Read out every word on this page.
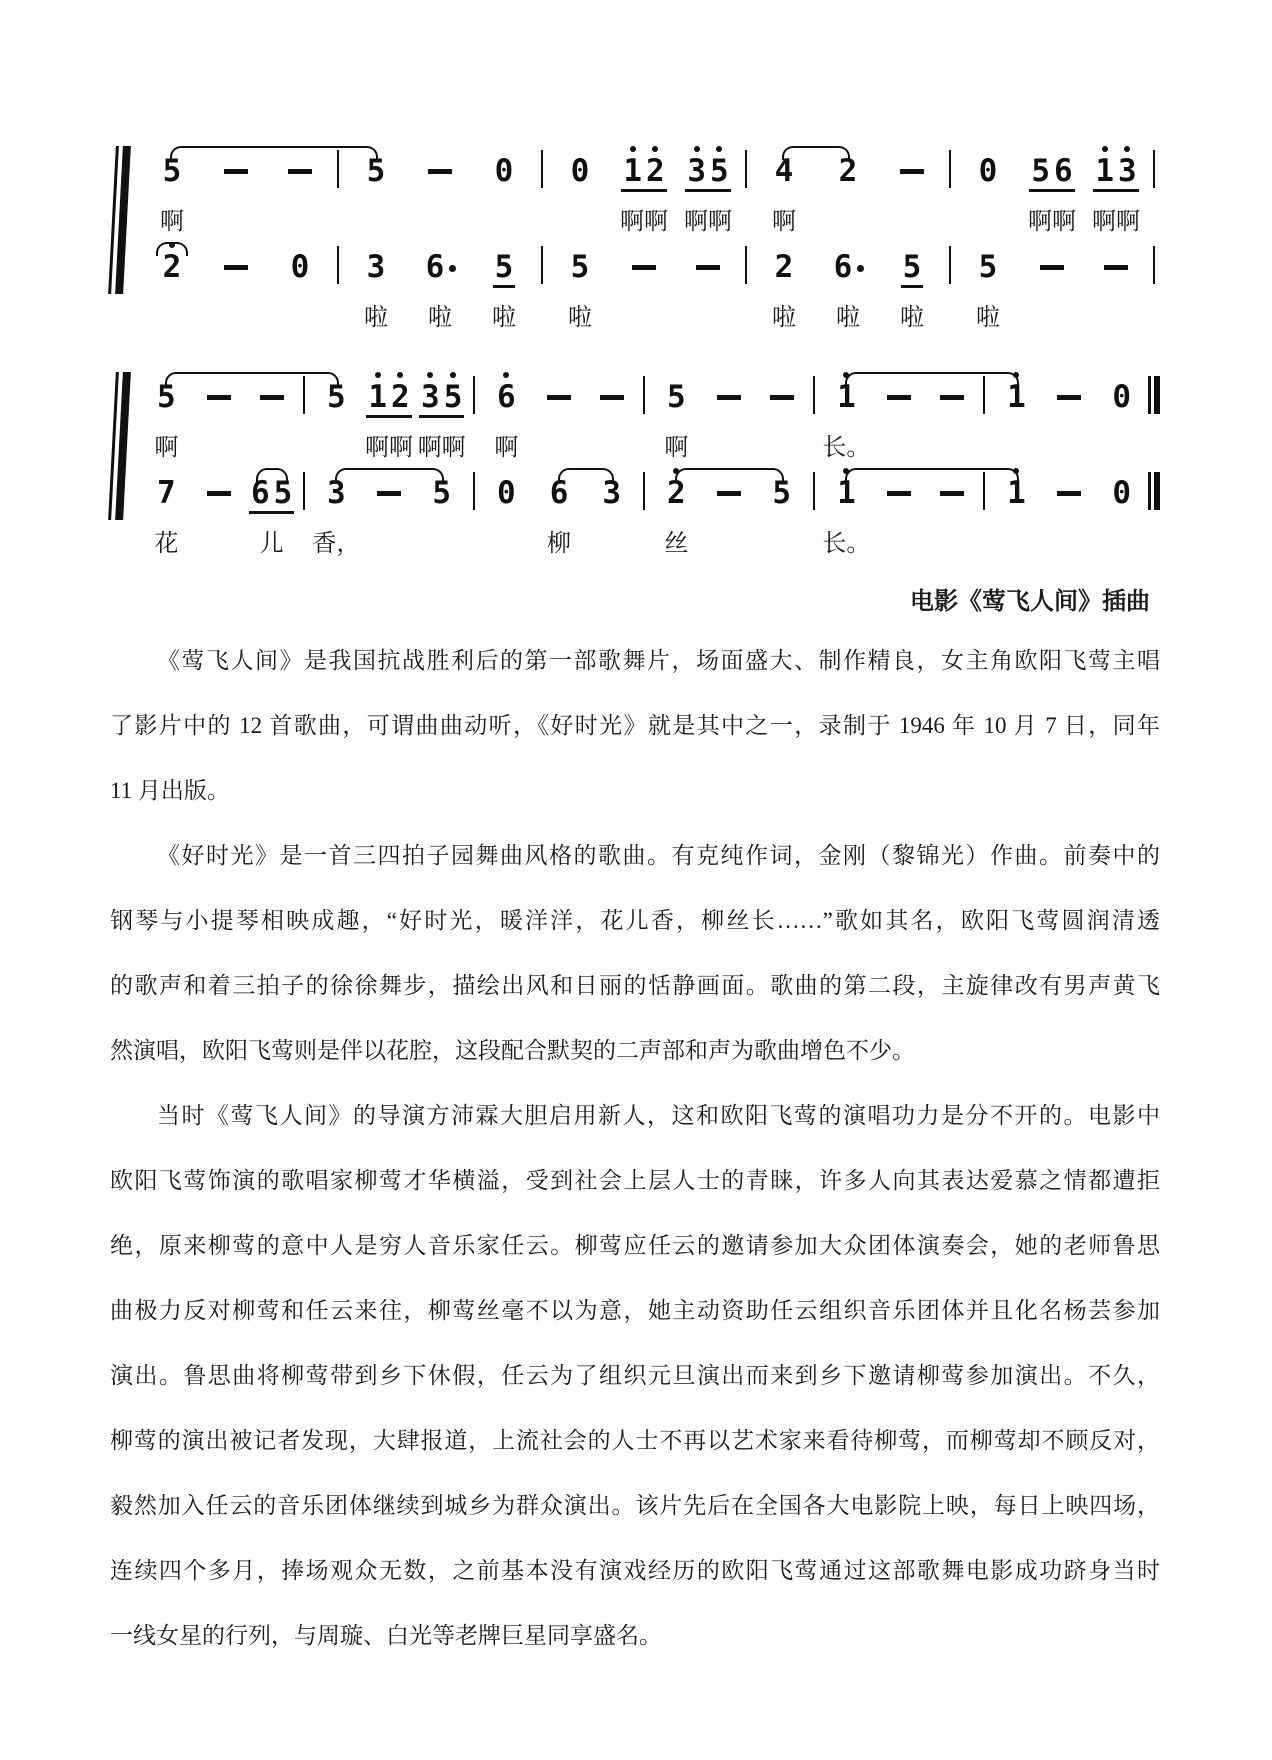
5
啊
5	0 0 1 2
啊啊
3 5
啊啊
4
啊
2	0 5 6
啊啊
1 3
啊啊
2	0 3
啦
6
啦
5
啦
5
啦
2
啦
6
啦
5
啦
5
啦
5
啊
5 1 2
啊啊
3 5
啊啊
6
啊
5
啊
1
长。
1	0
7
花
6 5
儿
3
香，
5 0 6
柳
3 2
丝
5 1
长。
1	0
电影《莺飞人间》插曲
《莺飞人间》是我国抗战胜利后的第一部歌舞片，场面盛大、制作精良，女主角欧阳飞莺主唱
了影片中的 12 首歌曲，可谓曲曲动听，《好时光》就是其中之一，录制于 1946 年 10 月 7 日，同年
11 月出版。
《好时光》是一首三四拍子园舞曲风格的歌曲。有克纯作词，金刚（黎锦光）作曲。前奏中的
钢琴与小提琴相映成趣，“好时光，暖洋洋，花儿香，柳丝长……”歌如其名，欧阳飞莺圆润清透
的歌声和着三拍子的徐徐舞步，描绘出风和日丽的恬静画面。歌曲的第二段，主旋律改有男声黄飞
然演唱，欧阳飞莺则是伴以花腔，这段配合默契的二声部和声为歌曲增色不少。
当时《莺飞人间》的导演方沛霖大胆启用新人，这和欧阳飞莺的演唱功力是分不开的。电影中
欧阳飞莺饰演的歌唱家柳莺才华横溢，受到社会上层人士的青睐，许多人向其表达爱慕之情都遭拒
绝，原来柳莺的意中人是穷人音乐家任云。柳莺应任云的邀请参加大众团体演奏会，她的老师鲁思
曲极力反对柳莺和任云来往，柳莺丝毫不以为意，她主动资助任云组织音乐团体并且化名杨芸参加
演出。鲁思曲将柳莺带到乡下休假，任云为了组织元旦演出而来到乡下邀请柳莺参加演出。不久，
柳莺的演出被记者发现，大肆报道，上流社会的人士不再以艺术家来看待柳莺，而柳莺却不顾反对，
毅然加入任云的音乐团体继续到城乡为群众演出。该片先后在全国各大电影院上映，每日上映四场，
连续四个多月，捧场观众无数，之前基本没有演戏经历的欧阳飞莺通过这部歌舞电影成功跻身当时
一线女星的行列，与周璇、白光等老牌巨星同享盛名。
